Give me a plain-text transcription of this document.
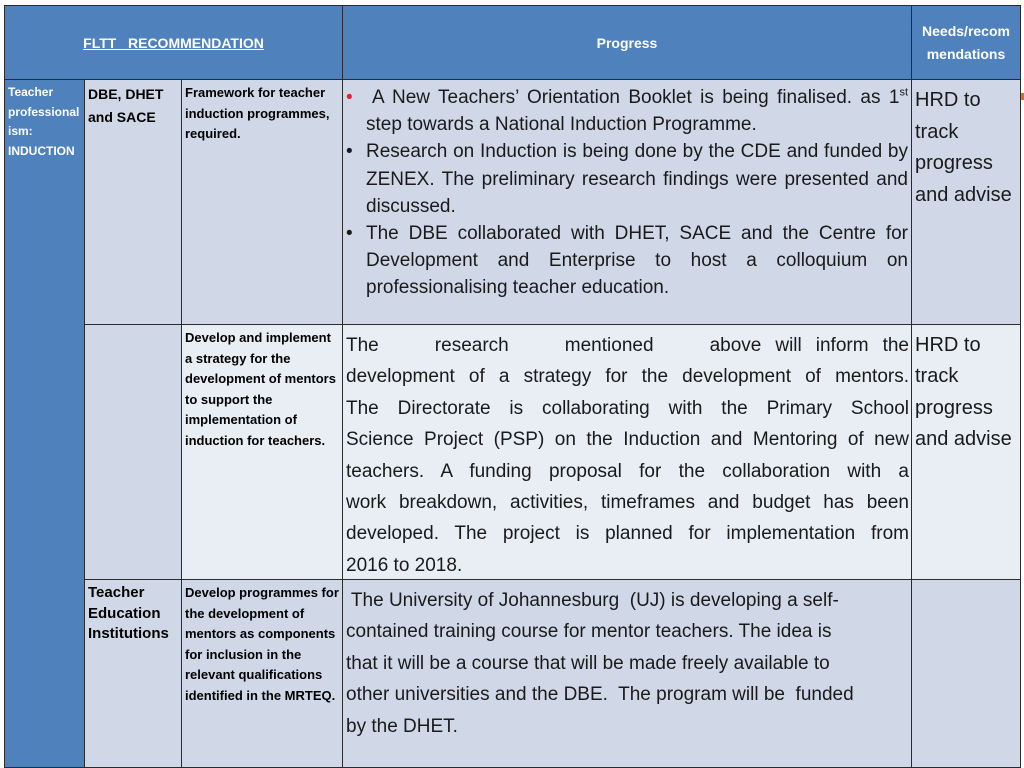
FLTT   RECOMMENDATION	Progress
Needs/recom mendations
Teacher professional ism: INDUCTION
DBE, DHET and SACE
Framework for teacher induction programmes, required.
• A New Teachers’ Orientation Booklet is being finalised. as 1st step towards a National Induction Programme.
• Research on Induction is being done by the CDE and funded by ZENEX. The preliminary research findings were presented and discussed.
• The DBE collaborated with DHET, SACE and the Centre for Development and Enterprise to host a colloquium on professionalising teacher education.
HRD to track progress and advise
Develop and implement a strategy for the development of mentors to support the implementation of induction for teachers.
The    research    mentioned    above will inform the
development of a strategy for the development of mentors.
The Directorate is collaborating with the Primary School
Science Project (PSP) on the Induction and Mentoring of new
teachers. A funding proposal for the collaboration with a
work breakdown, activities, timeframes and budget has been
developed. The project is planned for implementation from
2016 to 2018.
HRD to track progress and advise
Teacher Education Institutions
Develop programmes for the development of mentors as components for inclusion in the relevant qualifications identified in the MRTEQ.
The University of Johannesburg  (UJ) is developing a self-
contained training course for mentor teachers. The idea is
that it will be a course that will be made freely available to
other universities and the DBE.  The program will be  funded
by the DHET.
